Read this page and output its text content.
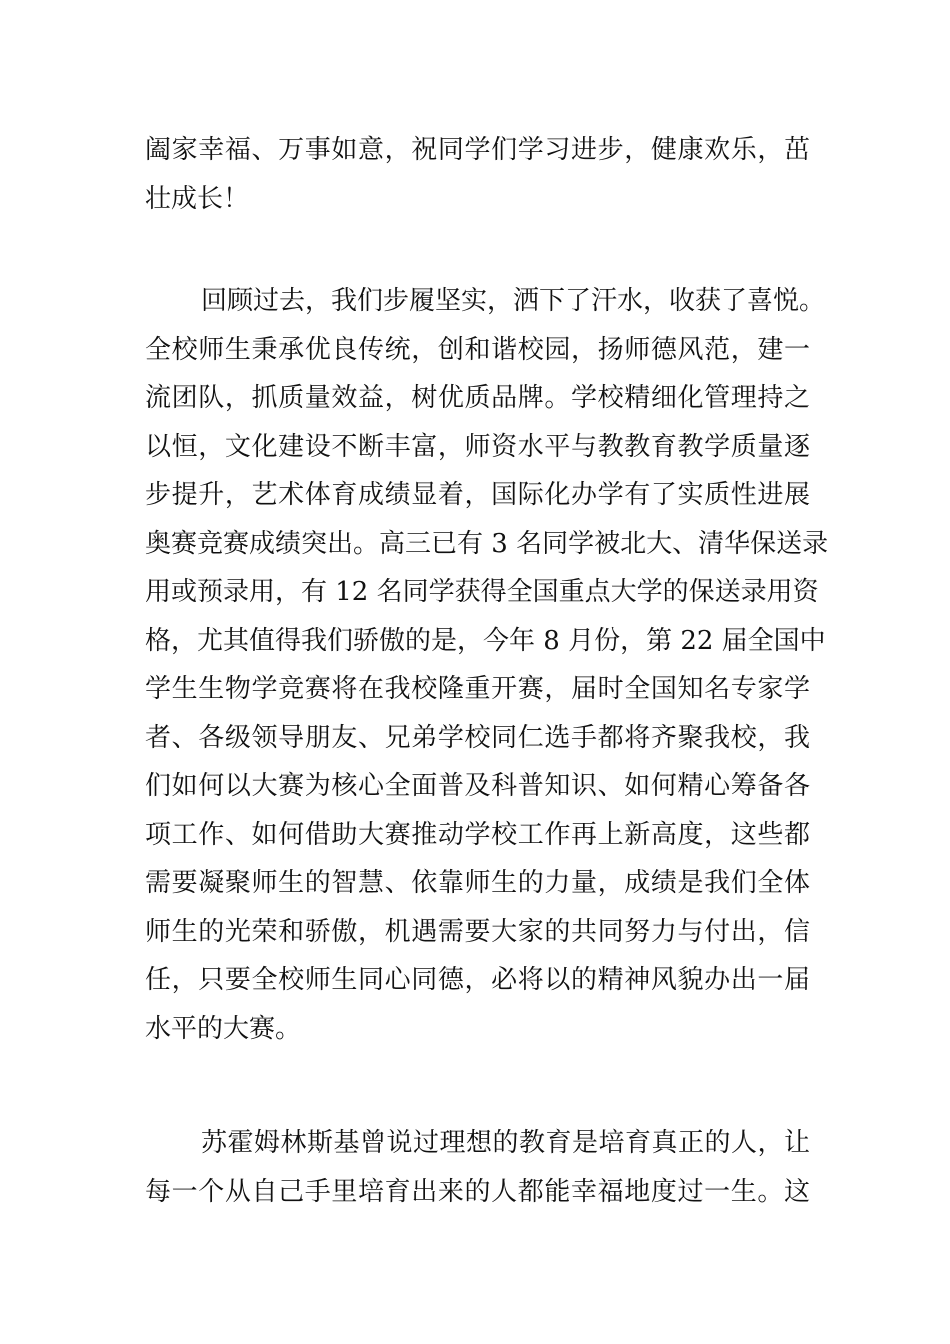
阖家幸福、万事如意，祝同学们学习进步，健康欢乐，茁
壮成长！
回顾过去，我们步履坚实，洒下了汗水，收获了喜悦。
全校师生秉承优良传统，创和谐校园，扬师德风范，建一
流团队，抓质量效益，树优质品牌。学校精细化管理持之
以恒，文化建设不断丰富，师资水平与教教育教学质量逐
步提升，艺术体育成绩显着，国际化办学有了实质性进展
奥赛竞赛成绩突出。高三已有 3 名同学被北大、清华保送录
用或预录用，有 12 名同学获得全国重点大学的保送录用资
格，尤其值得我们骄傲的是，今年 8 月份，第 22 届全国中
学生生物学竞赛将在我校隆重开赛，届时全国知名专家学
者、各级领导朋友、兄弟学校同仁选手都将齐聚我校，我
们如何以大赛为核心全面普及科普知识、如何精心筹备各
项工作、如何借助大赛推动学校工作再上新高度，这些都
需要凝聚师生的智慧、依靠师生的力量，成绩是我们全体
师生的光荣和骄傲，机遇需要大家的共同努力与付出，信
任，只要全校师生同心同德，必将以的精神风貌办出一届
水平的大赛。
苏霍姆林斯基曾说过理想的教育是培育真正的人，让
每一个从自己手里培育出来的人都能幸福地度过一生。这
